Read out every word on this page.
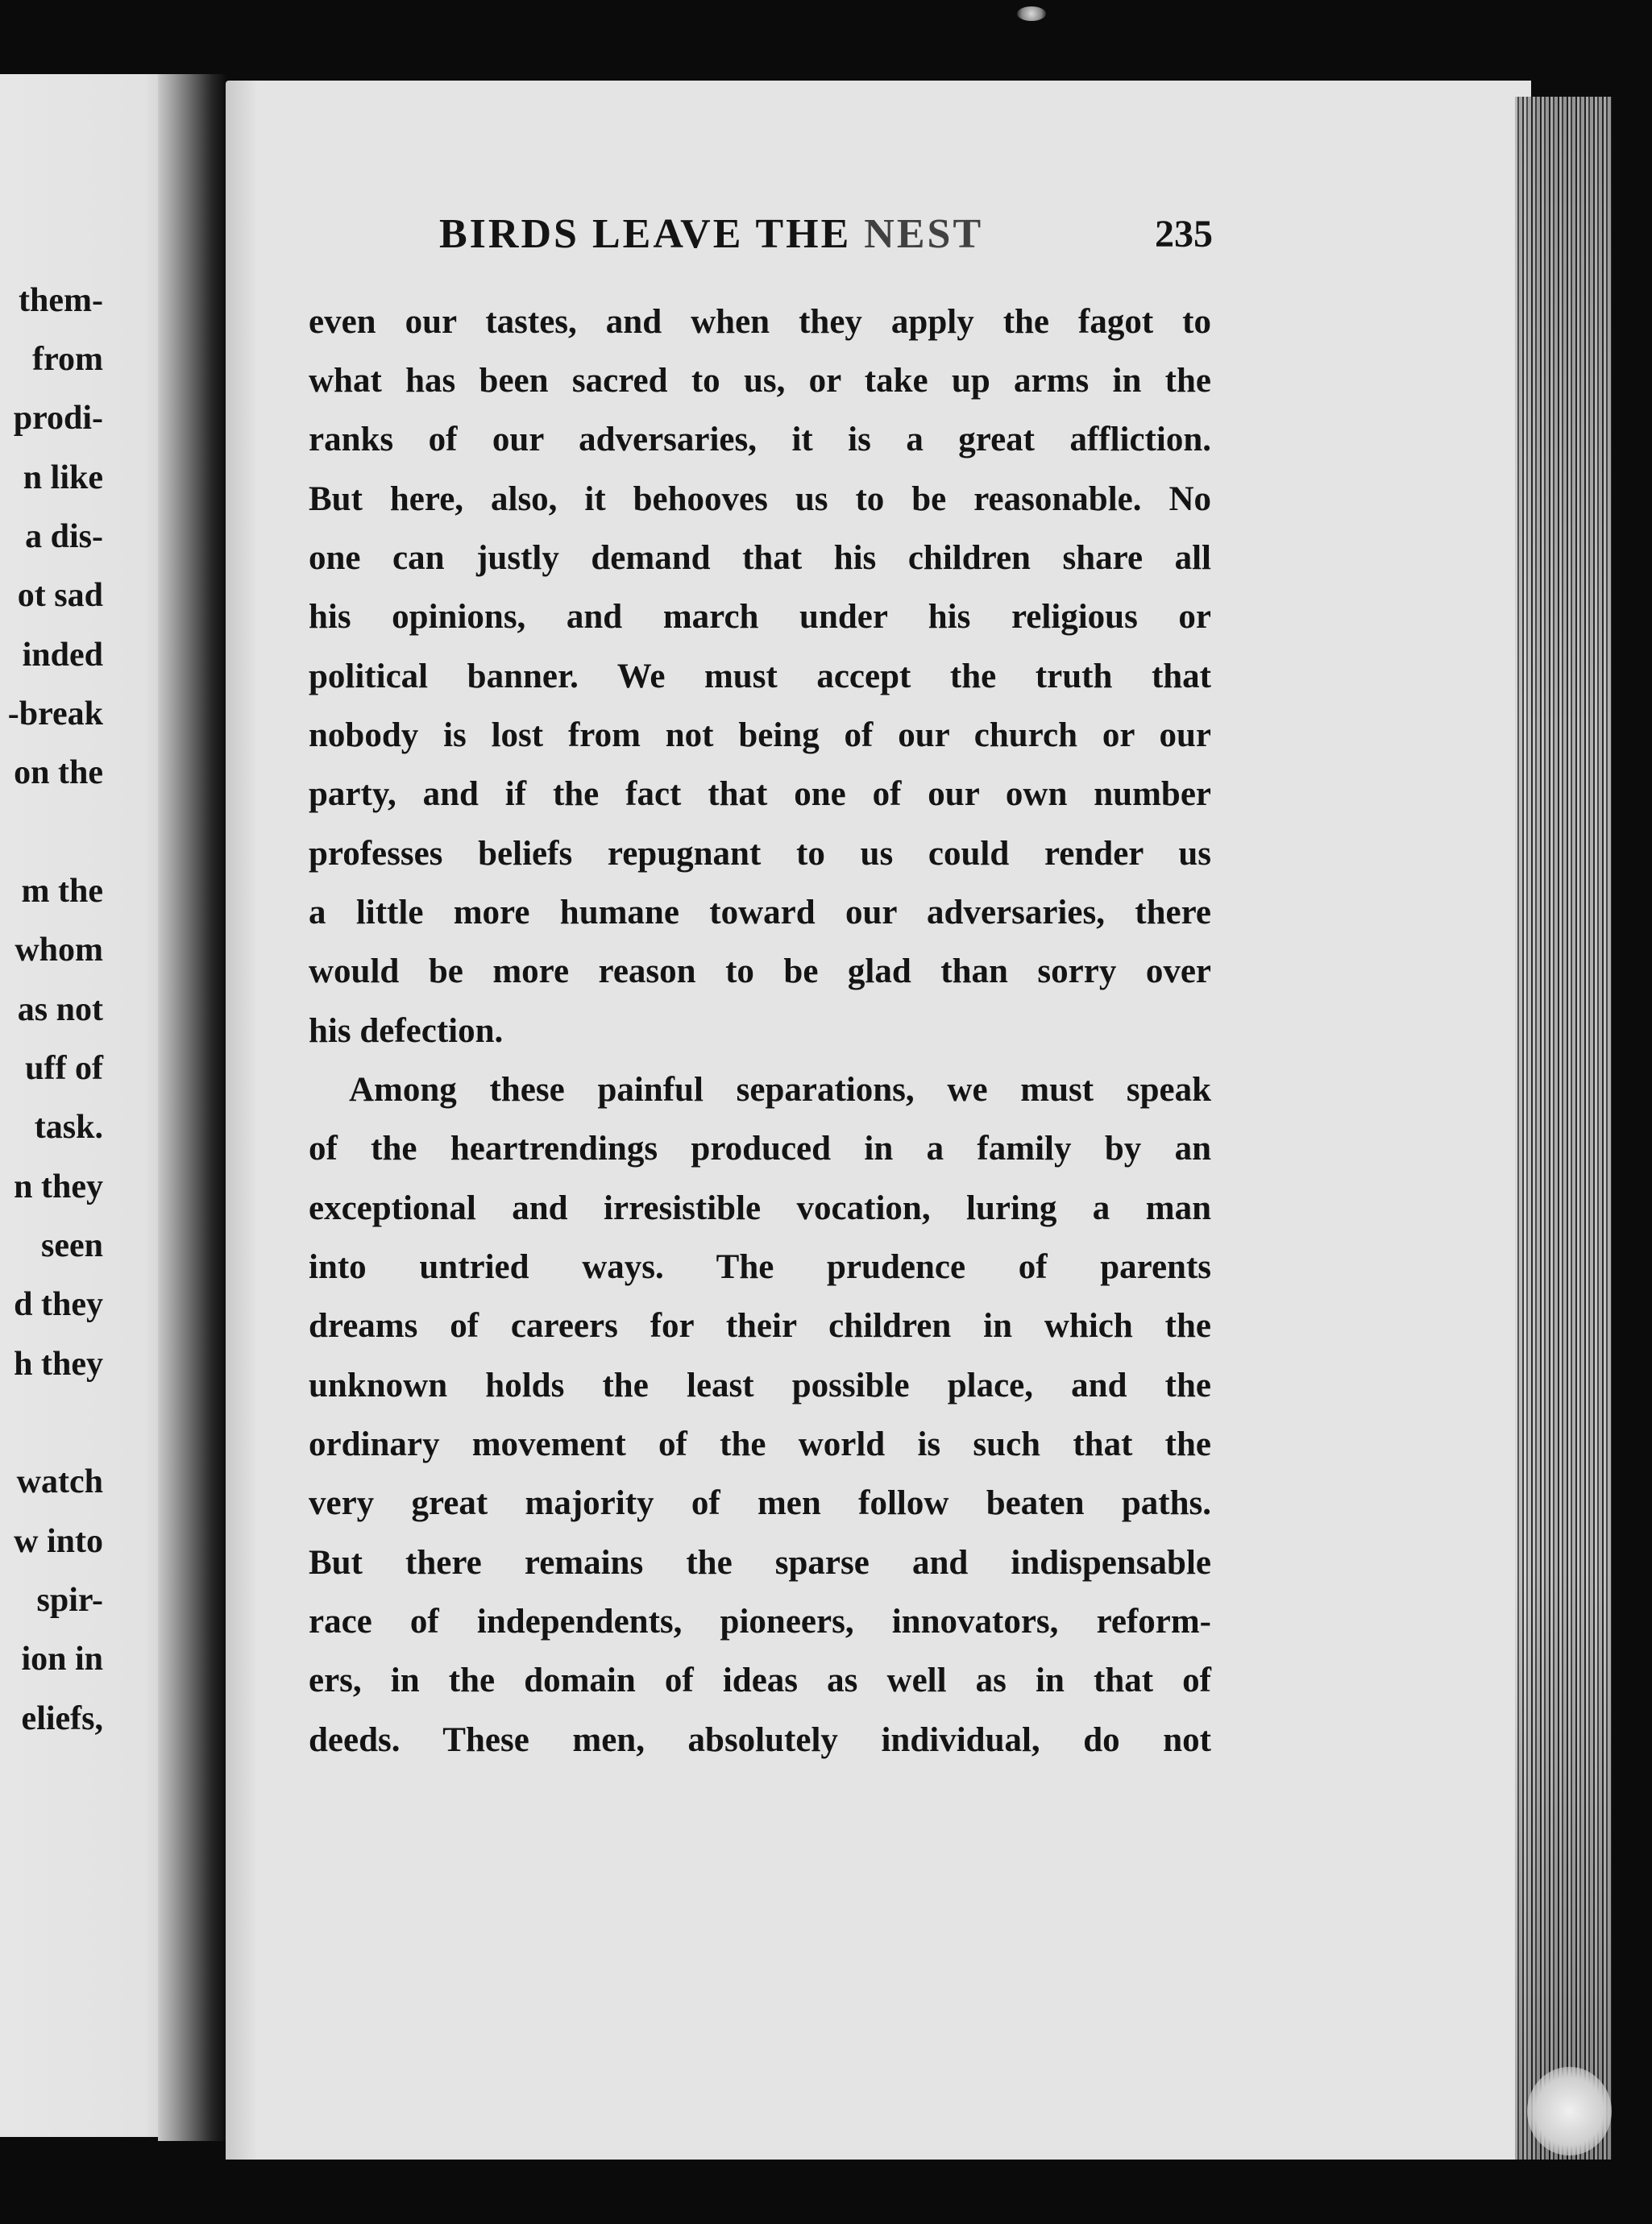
them-
from
prodi-
n like
a dis-
ot sad
inded
-break
on the
m the
whom
as not
uff of
task.
n they
seen
d they
h they
watch
w into
spir-
ion in
eliefs,
BIRDS LEAVE THE NEST	235
even our tastes, and when they apply the fagot to
what has been sacred to us, or take up arms in the
ranks of our adversaries, it is a great affliction.
But here, also, it behooves us to be reasonable. No
one can justly demand that his children share all
his opinions, and march under his religious or
political banner. We must accept the truth that
nobody is lost from not being of our church or our
party, and if the fact that one of our own number
professes beliefs repugnant to us could render us
a little more humane toward our adversaries, there
would be more reason to be glad than sorry over
his defection.
Among these painful separations, we must speak
of the heartrendings produced in a family by an
exceptional and irresistible vocation, luring a man
into untried ways. The prudence of parents
dreams of careers for their children in which the
unknown holds the least possible place, and the
ordinary movement of the world is such that the
very great majority of men follow beaten paths.
But there remains the sparse and indispensable
race of independents, pioneers, innovators, reform-
ers, in the domain of ideas as well as in that of
deeds. These men, absolutely individual, do not
